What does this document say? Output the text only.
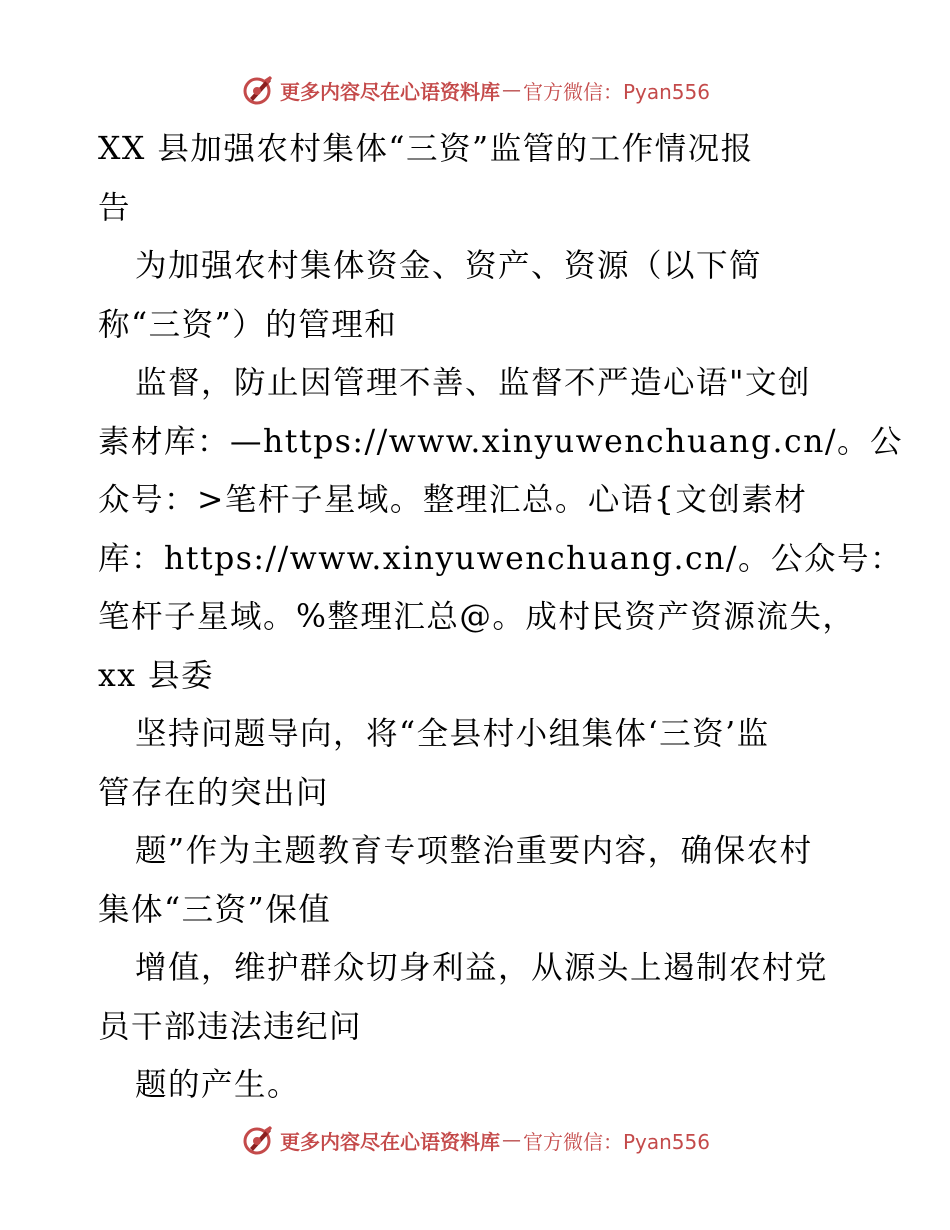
更多内容尽在心语资料库 — 官方微信：Pyan556
XX 县加强农村集体“三资”监管的工作情况报
告
为加强农村集体资金、资产、资源（以下简
称“三资”）的管理和
监督，防止因管理不善、监督不严造心语"文创
素材库：—https://www.xinyuwenchuang.cn/。公
众号：>笔杆子星域。整理汇总。心语{文创素材
库：https://www.xinyuwenchuang.cn/。公众号：
笔杆子星域。%整理汇总@。成村民资产资源流失，
xx 县委
坚持问题导向，将“全县村小组集体‘三资’监
管存在的突出问
题”作为主题教育专项整治重要内容，确保农村
集体“三资”保值
增值，维护群众切身利益，从源头上遏制农村党
员干部违法违纪问
题的产生。
更多内容尽在心语资料库 — 官方微信：Pyan556
